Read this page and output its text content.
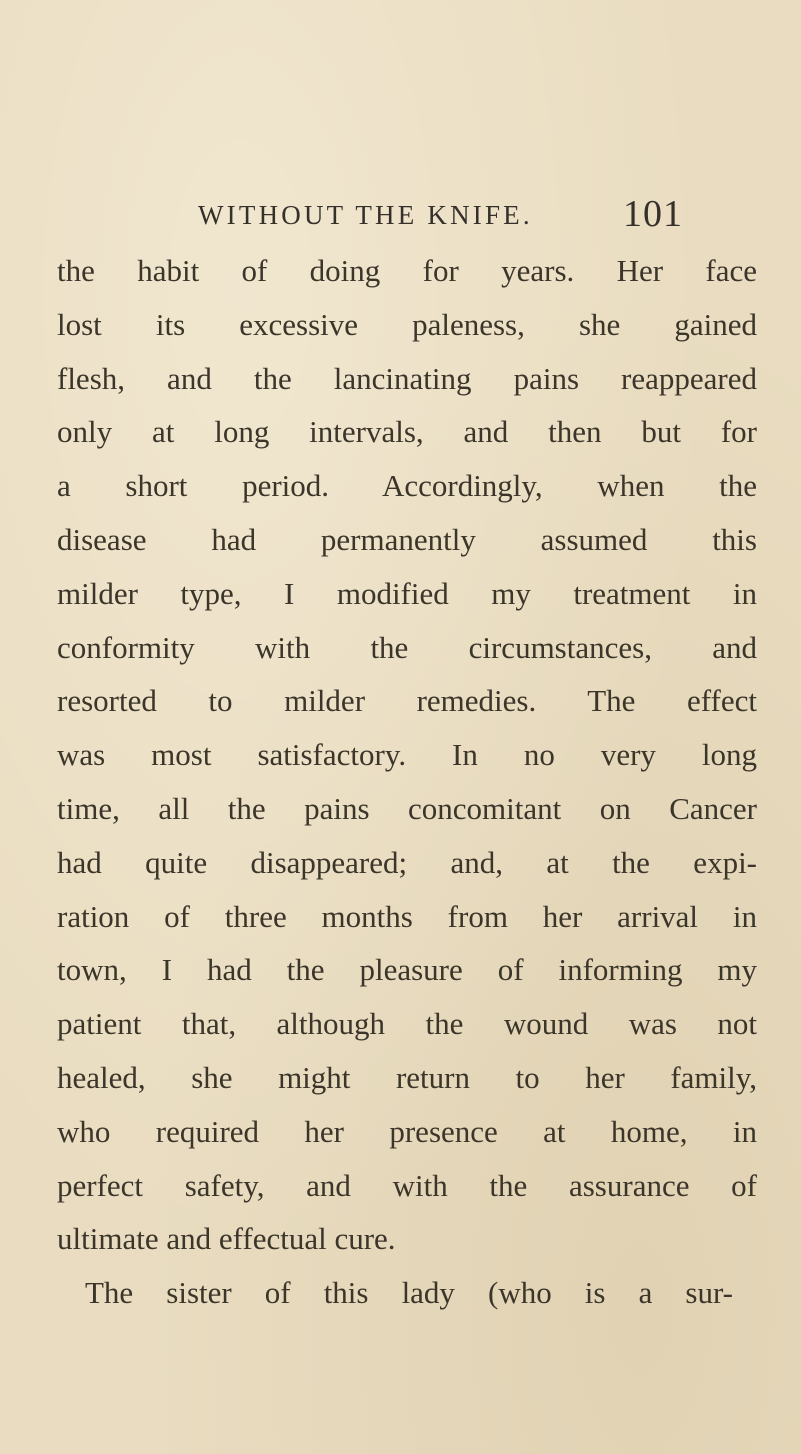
WITHOUT THE KNIFE. 101
the habit of doing for years. Her face
lost its excessive paleness, she gained
flesh, and the lancinating pains reappeared
only at long intervals, and then but for
a short period. Accordingly, when the
disease had permanently assumed this
milder type, I modified my treatment in
conformity with the circumstances, and
resorted to milder remedies. The effect
was most satisfactory. In no very long
time, all the pains concomitant on Cancer
had quite disappeared; and, at the expi-
ration of three months from her arrival in
town, I had the pleasure of informing my
patient that, although the wound was not
healed, she might return to her family,
who required her presence at home, in
perfect safety, and with the assurance of
ultimate and effectual cure.
The sister of this lady (who is a sur-
